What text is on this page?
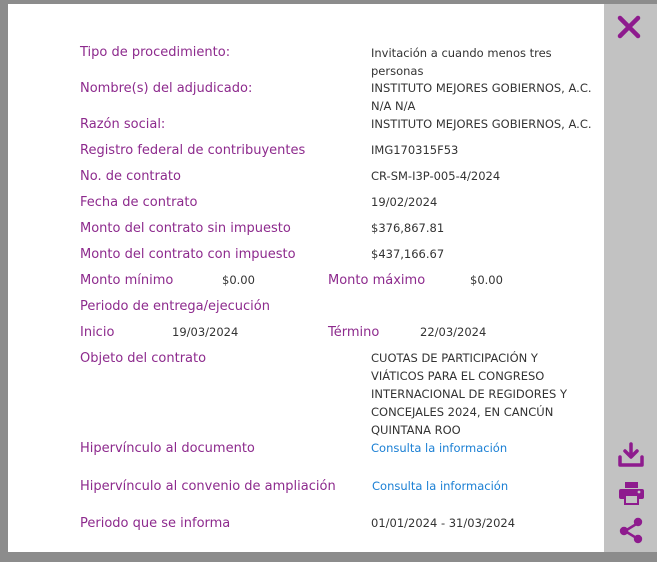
Tipo de procedimiento:	Invitación a cuando menos tres personas
Nombre(s) del adjudicado:	INSTITUTO MEJORES GOBIERNOS, A.C.
N/A N/A
Razón social:	INSTITUTO MEJORES GOBIERNOS, A.C.
Registro federal de contribuyentes	IMG170315F53
No. de contrato	CR-SM-I3P-005-4/2024
Fecha de contrato	19/02/2024
Monto del contrato sin impuesto	$376,867.81
Monto del contrato con impuesto	$437,166.67
Monto mínimo	$0.00	Monto máximo	$0.00
Periodo de entrega/ejecución
Inicio	19/03/2024	Término	22/03/2024
Objeto del contrato	CUOTAS DE PARTICIPACIÓN Y VIÁTICOS PARA EL CONGRESO INTERNACIONAL DE REGIDORES Y CONCEJALES 2024, EN CANCÚN QUINTANA ROO
Hipervínculo al documento	Consulta la información
Hipervínculo al convenio de ampliación	Consulta la información
Periodo que se informa	01/01/2024 - 31/03/2024
